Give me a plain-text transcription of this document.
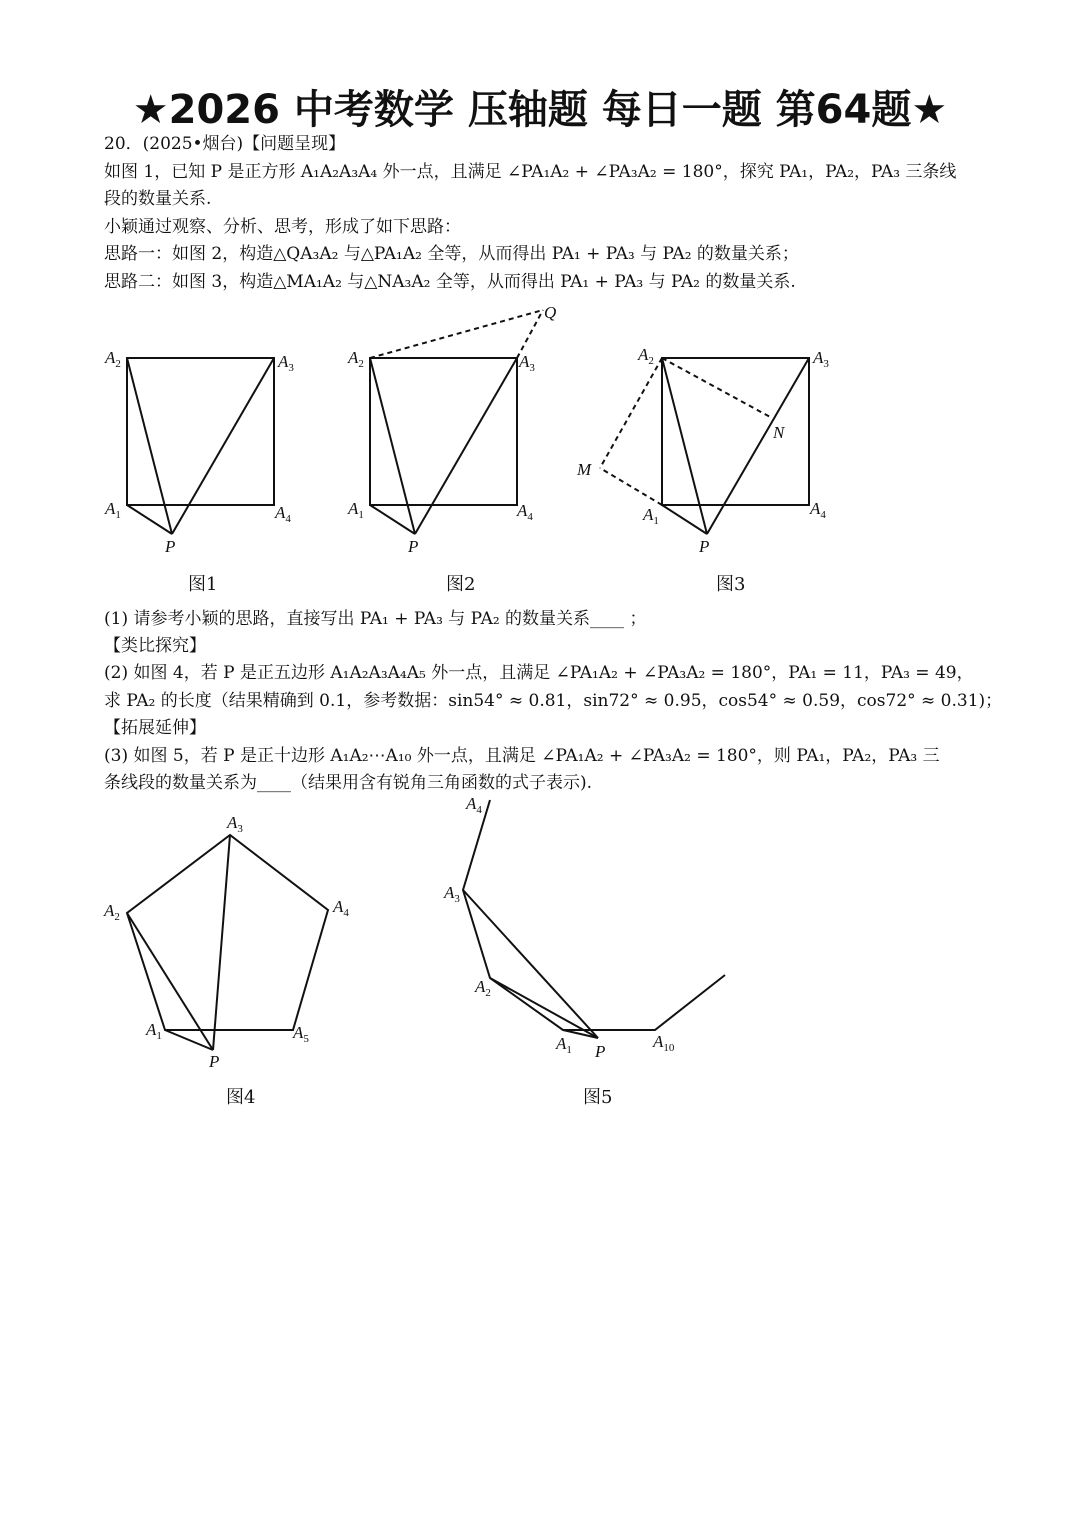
★2026 中考数学 压轴题 每日一题 第64题★
20．(2025•烟台)【问题呈现】
如图 1，已知 P 是正方形 A₁A₂A₃A₄ 外一点，且满足 ∠PA₁A₂ + ∠PA₃A₂ = 180°，探究 PA₁，PA₂，PA₃ 三条线
段的数量关系.
小颖通过观察、分析、思考，形成了如下思路：
思路一：如图 2，构造△QA₃A₂ 与△PA₁A₂ 全等，从而得出 PA₁ + PA₃ 与 PA₂ 的数量关系；
思路二：如图 3，构造△MA₁A₂ 与△NA₃A₂ 全等，从而得出 PA₁ + PA₃ 与 PA₂ 的数量关系.
$A_2$	$A_3$
$A_1$	$A_4$
P
$A_2$	$A_3$
$A_1$	$A_4$
Q
P
$A_2$	$A_3$
$A_1$
$A_4$
M
N
P
图1	图2	图3
(1) 请参考小颖的思路，直接写出 PA₁ + PA₃ 与 PA₂ 的数量关系____ ；
【类比探究】
(2) 如图 4，若 P 是正五边形 A₁A₂A₃A₄A₅ 外一点，且满足 ∠PA₁A₂ + ∠PA₃A₂ = 180°，PA₁ = 11，PA₃ = 49，
求 PA₂ 的长度（结果精确到 0.1，参考数据：sin54° ≈ 0.81，sin72° ≈ 0.95，cos54° ≈ 0.59，cos72° ≈ 0.31)；
【拓展延伸】
(3) 如图 5，若 P 是正十边形 A₁A₂⋯A₁₀ 外一点，且满足 ∠PA₁A₂ + ∠PA₃A₂ = 180°，则 PA₁，PA₂，PA₃ 三
条线段的数量关系为____（结果用含有锐角三角函数的式子表示).
$A_3$
$A_2$
$A_4$
$A_1$	$A_5$
P
$A_4$
$A_3$
$A_2$
$A_1$	$A_{10}$
P
图4	图5
